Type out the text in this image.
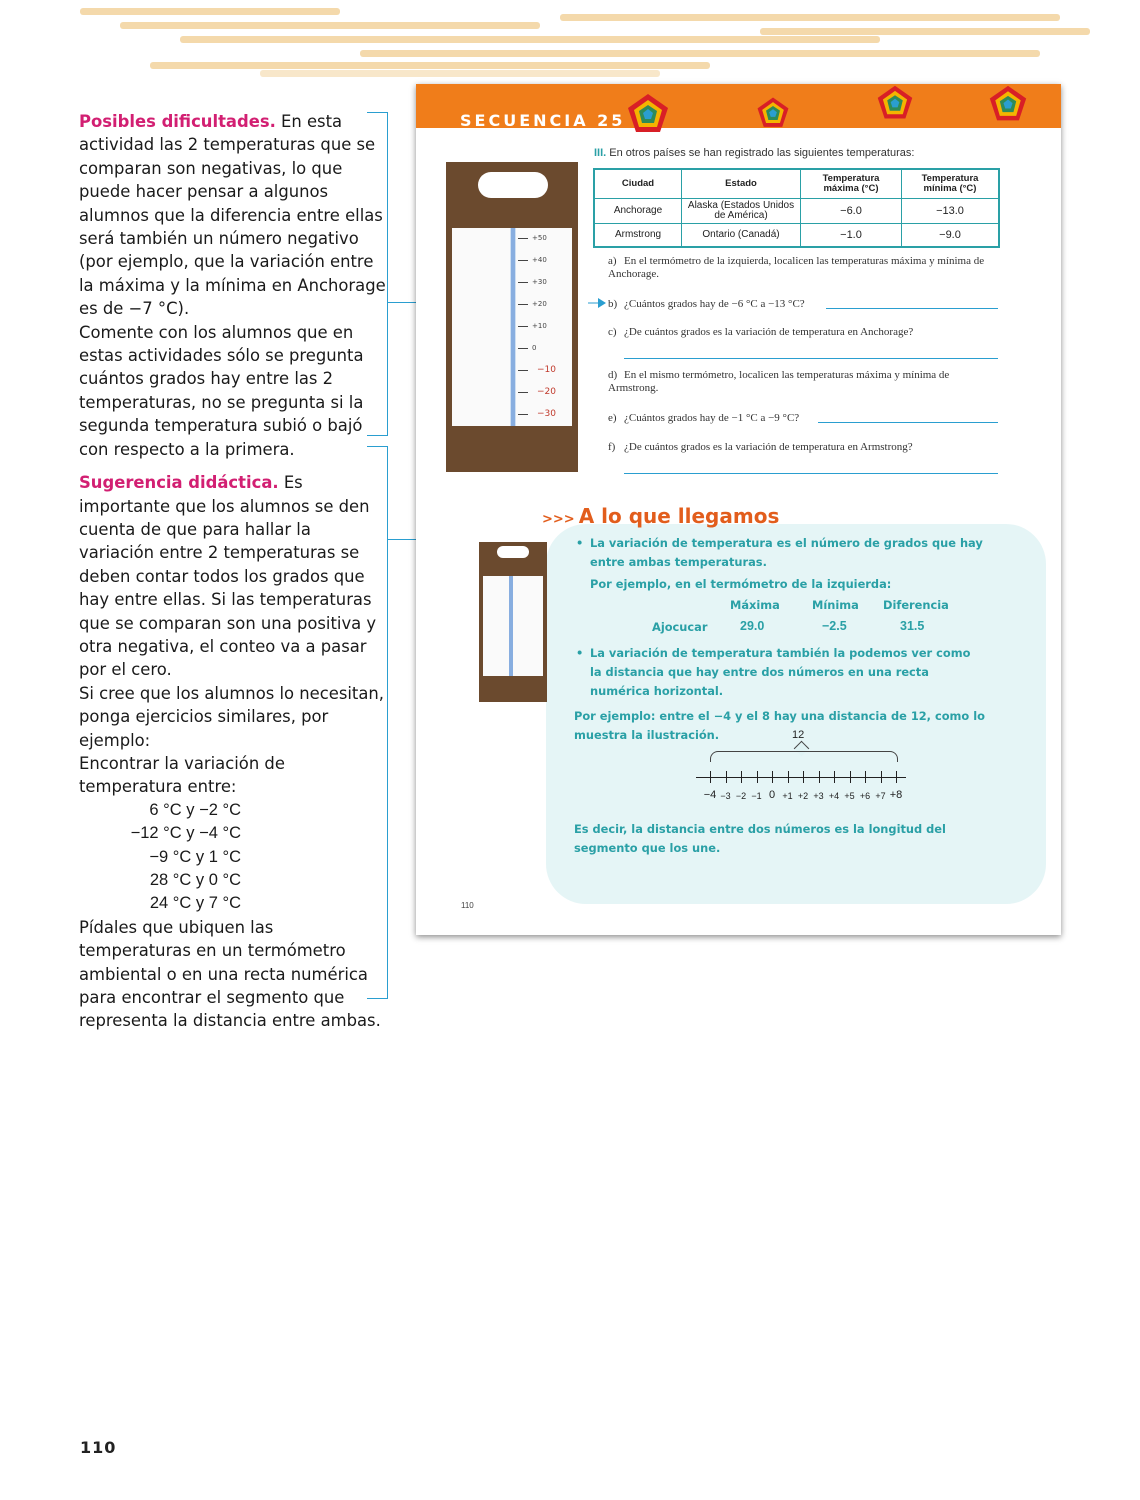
Posibles dificultades. En esta actividad las 2 temperaturas que se comparan son negativas, lo que puede hacer pensar a algunos alumnos que la diferencia entre ellas será también un número negativo (por ejemplo, que la variación entre la máxima y la mínima en Anchorage es de −7 °C).

Comente con los alumnos que en estas actividades sólo se pregunta cuántos grados hay entre las 2 temperaturas, no se pregunta si la segunda temperatura subió o bajó con respecto a la primera.

Sugerencia didáctica. Es importante que los alumnos se den cuenta de que para hallar la variación entre 2 temperaturas se deben contar todos los grados que hay entre ellas. Si las temperaturas que se comparan son una positiva y otra negativa, el conteo va a pasar por el cero.

Si cree que los alumnos lo necesitan, ponga ejercicios similares, por ejemplo:

Encontrar la variación de temperatura entre:

6 °C y −2 °C
−12 °C y −4 °C
−9 °C y 1 °C
28 °C y 0 °C
24 °C y 7 °C

Pídales que ubiquen las temperaturas en un termómetro ambiental o en una recta numérica para encontrar el segmento que representa la distancia entre ambas.

110
SECUENCIA 25
+50
+40
+30
+20
+10
0
−10
−20
−30
III. En otros países se han registrado las siguientes temperaturas:
Ciudad	Estado	Temperatura máxima (°C)	Temperatura mínima (°C)
Anchorage	Alaska (Estados Unidos de América)	−6.0	−13.0
Armstrong	Ontario (Canadá)	−1.0	−9.0
a) En el termómetro de la izquierda, localicen las temperaturas máxima y mínima de Anchorage.
b) ¿Cuántos grados hay de −6 °C a −13 °C?
c) ¿De cuántos grados es la variación de temperatura en Anchorage?
d) En el mismo termómetro, localicen las temperaturas máxima y mínima de Armstrong.
e) ¿Cuántos grados hay de −1 °C a −9 °C?
f) ¿De cuántos grados es la variación de temperatura en Armstrong?
>>> A lo que llegamos
• La variación de temperatura es el número de grados que hay entre ambas temperaturas.
Por ejemplo, en el termómetro de la izquierda:
Máxima	Mínima Diferencia
Ajocucar	29.0	−2.5	31.5
• La variación de temperatura también la podemos ver como la distancia que hay entre dos números en una recta numérica horizontal.
Por ejemplo: entre el −4 y el 8 hay una distancia de 12, como lo muestra la ilustración.	12
−4 −3 −2 −1 0 +1 +2 +3 +4 +5 +6 +7 +8
Es decir, la distancia entre dos números es la longitud del segmento que los une.
110
